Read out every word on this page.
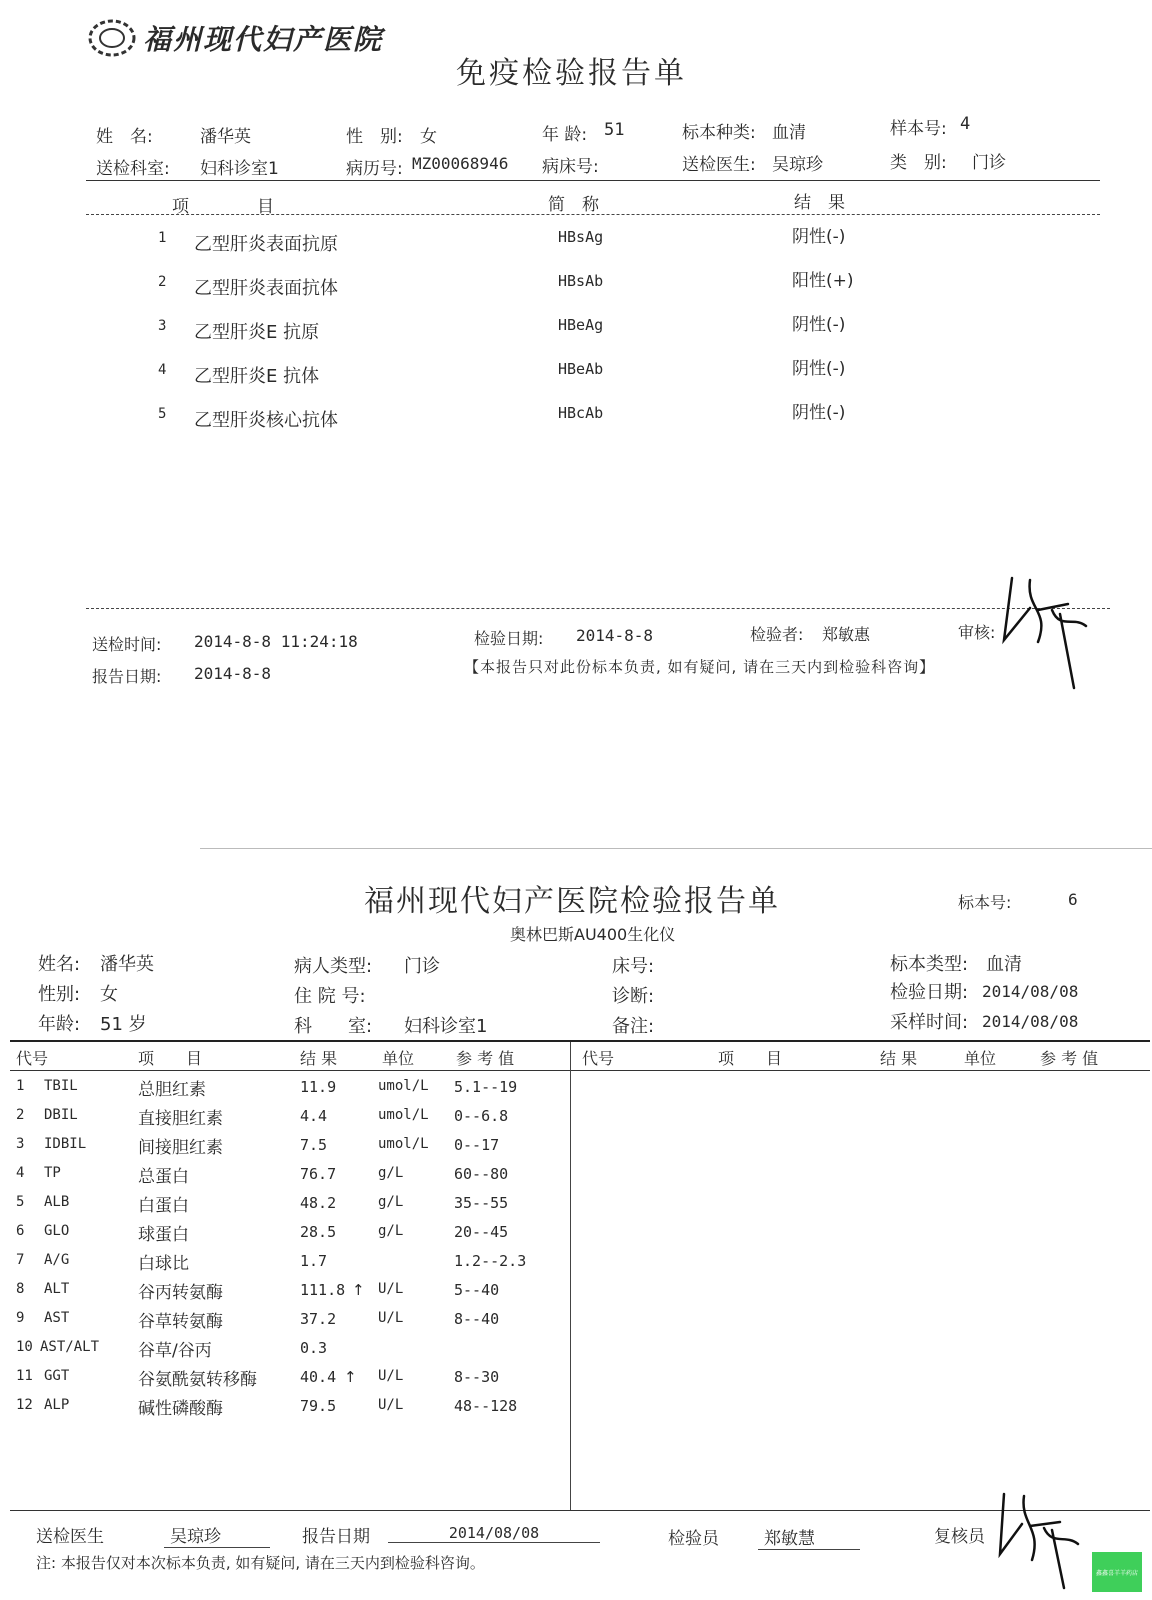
福州现代妇产医院
免疫检验报告单
姓　名:	潘华英	性　别: 女	年 龄: 51	标本种类: 血清	样本号: 4
送检科室: 妇科诊室1	病历号: MZ00068946 病床号:	送检医生: 吴琼珍	类　别: 门诊
项　　　　目	简　称	结　果
1 乙型肝炎表面抗原	HBsAg	阴性(-)
2 乙型肝炎表面抗体	HBsAb	阳性(+)
3 乙型肝炎E 抗原	HBeAg	阴性(-)
4 乙型肝炎E 抗体	HBeAb	阴性(-)
5 乙型肝炎核心抗体	HBcAb	阴性(-)
送检时间: 2014-8-8 11:24:18	检验日期: 2014-8-8	检验者: 郑敏惠	审核:
报告日期: 2014-8-8	【本报告只对此份标本负责, 如有疑问, 请在三天内到检验科咨询】
福州现代妇产医院检验报告单	标本号:	6
奥林巴斯AU400生化仪
姓名: 潘华英	病人类型: 门诊	床号:	标本类型: 血清
性别: 女	住 院 号:	诊断:	检验日期: 2014/08/08
年龄: 51 岁	科　　室: 妇科诊室1	备注:	采样时间: 2014/08/08
代号	项　　目	结 果	单位	参 考 值	代号	项　　目	结 果	单位	参 考 值
1 TBIL	总胆红素	11.9	umol/L 5.1--19
2 DBIL	直接胆红素	4.4	umol/L 0--6.8
3 IDBIL	间接胆红素	7.5	umol/L 0--17
4 TP	总蛋白	76.7	g/L	60--80
5 ALB	白蛋白	48.2	g/L	35--55
6 GLO	球蛋白	28.5	g/L	20--45
7 A/G	白球比	1.7	1.2--2.3
8 ALT	谷丙转氨酶	111.8 ↑ U/L	5--40
9 AST	谷草转氨酶	37.2	U/L	8--40
10 AST/ALT 谷草/谷丙	0.3
11 GGT	谷氨酰氨转移酶	40.4 ↑ U/L	8--30
12 ALP	碱性磷酸酶	79.5	U/L	48--128
送检医生	吴琼珍	报告日期	2014/08/08	检验员	郑敏慧	复核员
注: 本报告仅对本次标本负责, 如有疑问, 请在三天内到检验科咨询。
鑫鑫喜羊羊药店
